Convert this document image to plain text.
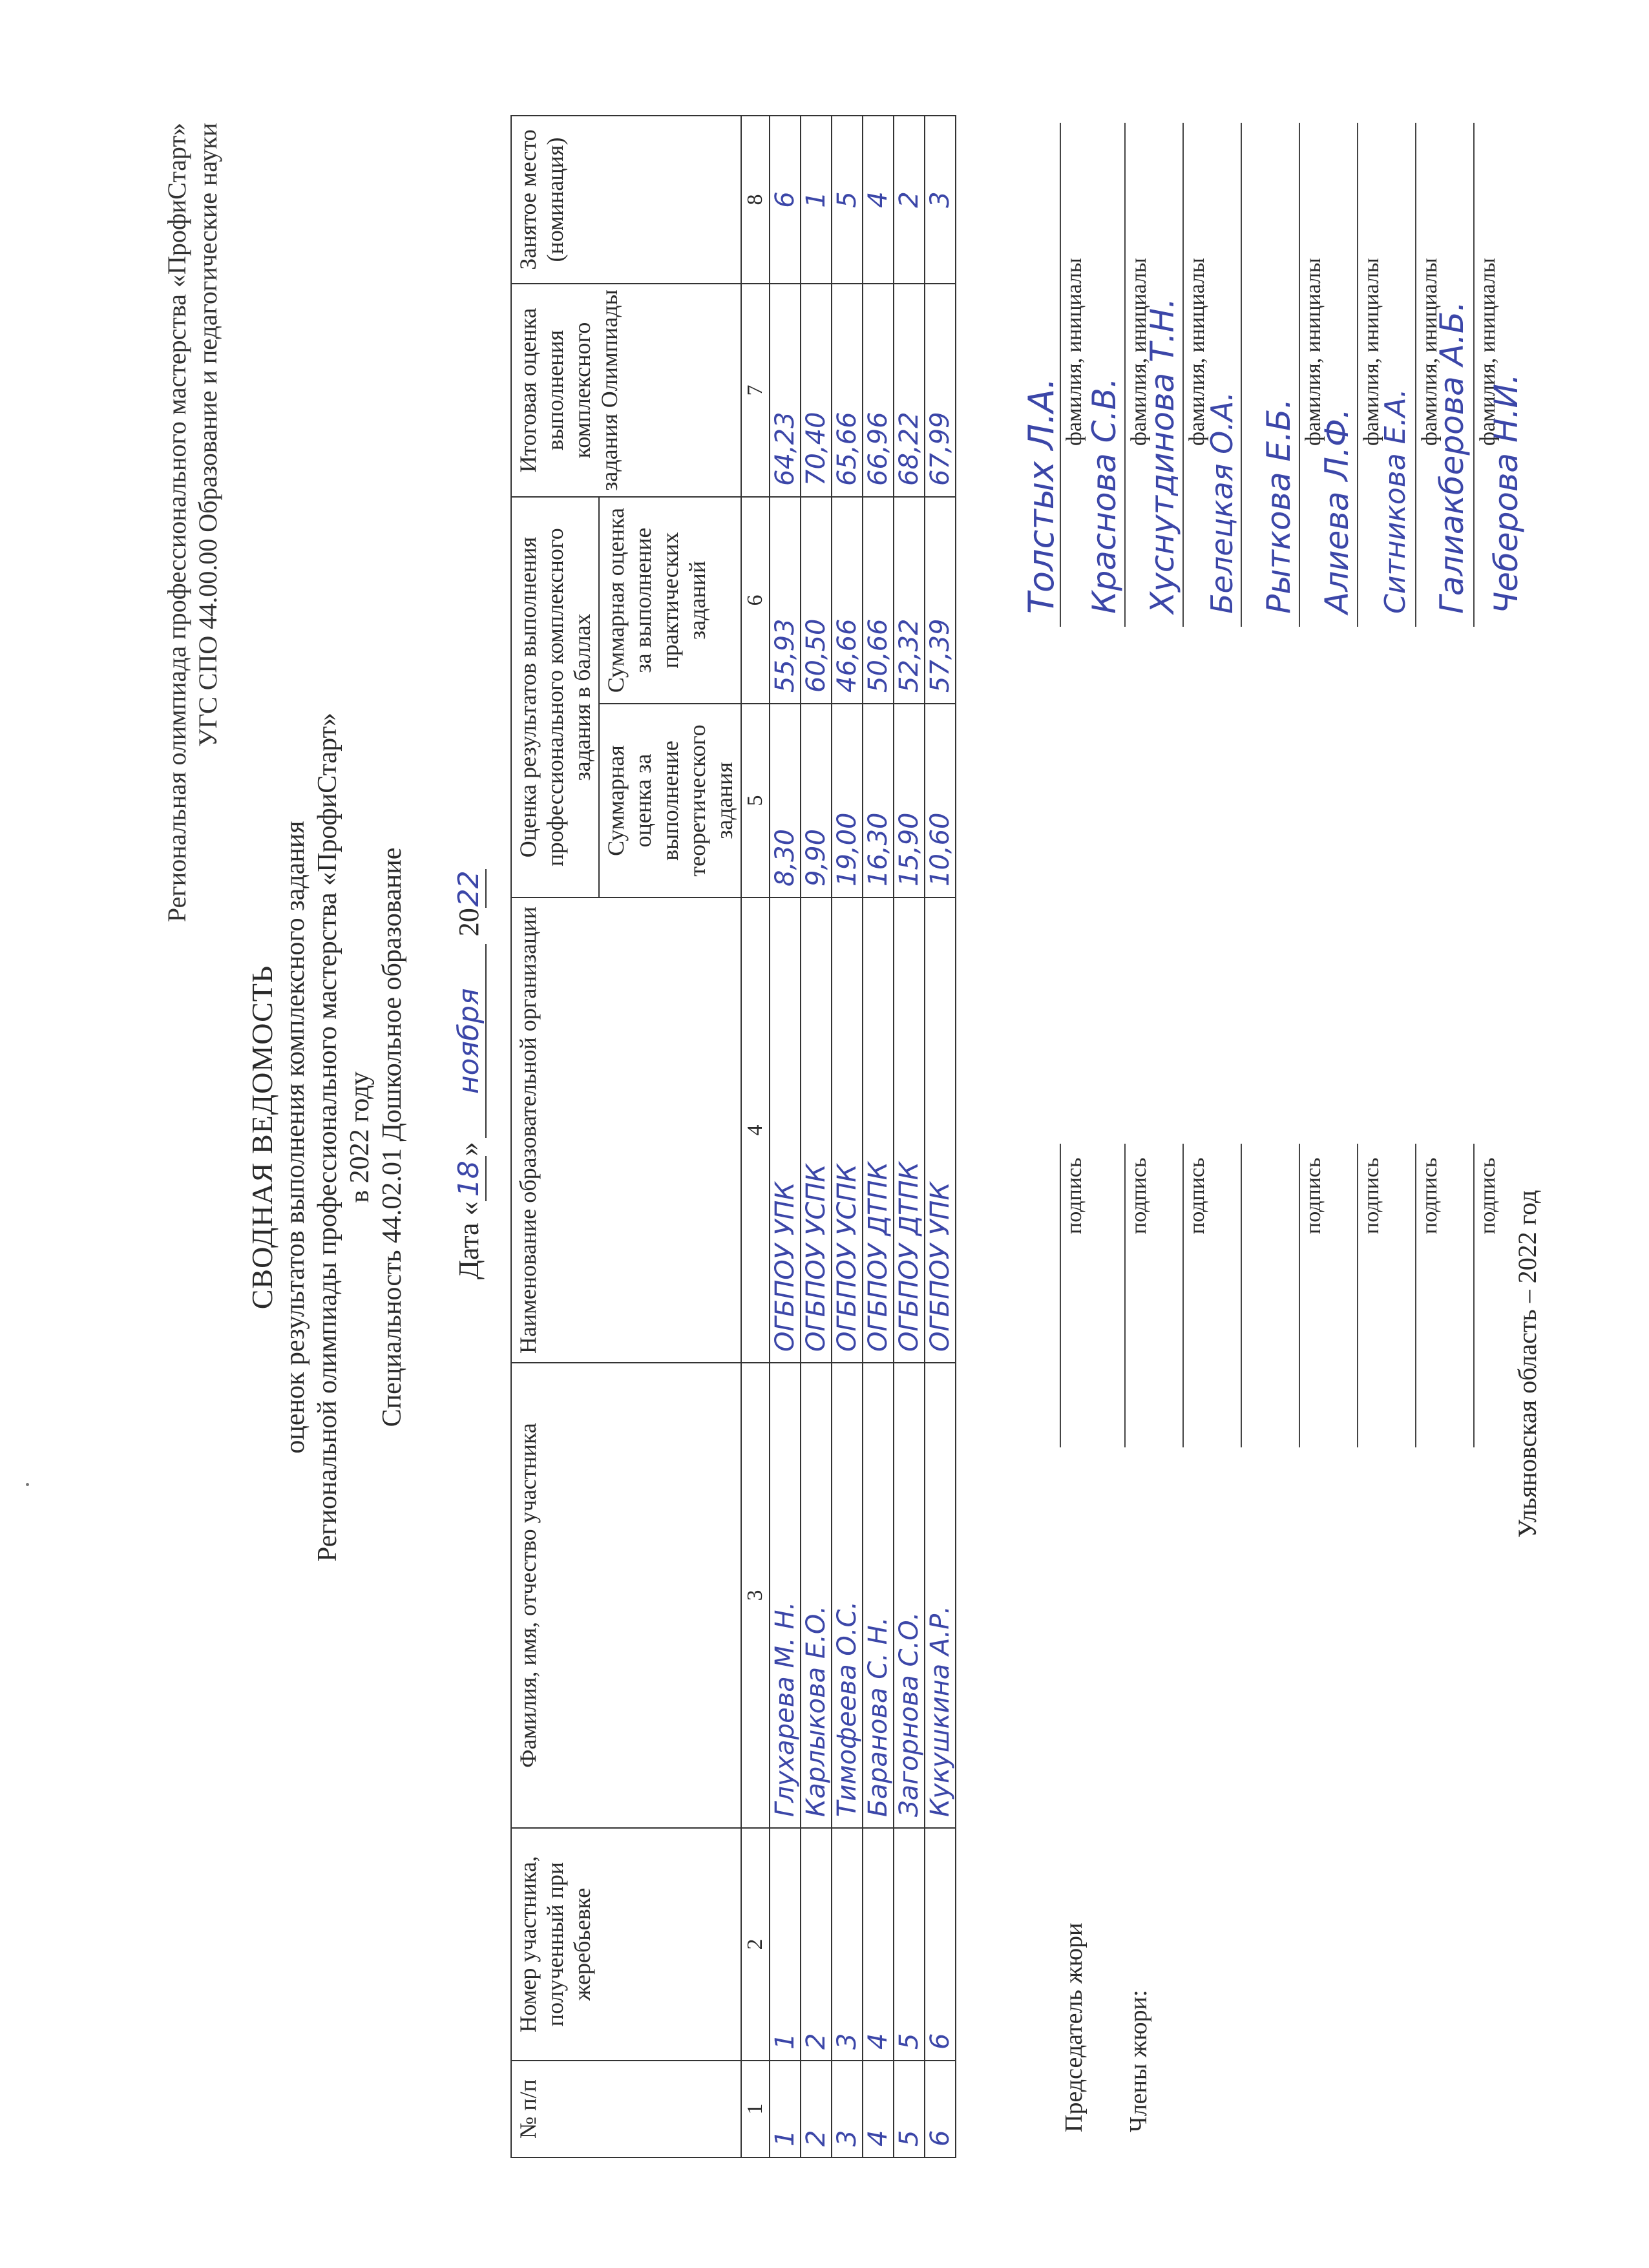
Региональная олимпиада профессионального мастерства «ПрофиСтарт» УГС СПО 44.00.00 Образование и педагогические науки
СВОДНАЯ ВЕДОМОСТЬ оценок результатов выполнения комплексного задания Региональной олимпиады профессионального мастерства «ПрофиСтарт» в 2022 году Специальность 44.02.01 Дошкольное образование Дата «18»ноября2022
№ п/п	Номер участника, полученный при жеребьевке	Фамилия, имя, отчество участника	Наименование образовательной организации	Оценка результатов выполнения профессионального комплексного задания в баллах		Итоговая оценка выполнения комплексного задания Олимпиады	Занятое место (номинация)
				Суммарная оценка за выполнение теоретического задания	Суммарная оценка за выполнение практических заданий		
1	2	3	4	5	6	7	8
1	1	Глухарева М. Н.	ОГБПОУ УПК	8,30	55,93	64,23	6
2	2	Карлыкова Е.О.	ОГБПОУ УСПК	9,90	60,50	70,40	1
3	3	Тимофеева О.С.	ОГБПОУ УСПК	19,00	46,66	65,66	5
4	4	Баранова С. Н.	ОГБПОУ ДТПК	16,30	50,66	66,96	4
5	5	Загорнова С.О.	ОГБПОУ ДТПК	15,90	52,32	68,22	2
6	6	Кукушкина А.Р.	ОГБПОУ УПК	10,60	57,39	67,99	3
Председатель жюри Члены жюри:
подпись
Толстых Л.А.
фамилия, инициалы
подпись
Краснова С.В.
фамилия, инициалы
подпись
Хуснутдинова Т.Н. фамилия, инициалы
Белецкая О.А.
подпись
Рыткова Е.Б.
фамилия, инициалы
подпись
Алиева Л.Ф.
фамилия, инициалы
подпись
Ситникова Е.А.
фамилия, инициалы
подпись
Галиакберова А.Б. фамилия, инициалы
Чеберова Н.И.
Ульяновская область – 2022 год
